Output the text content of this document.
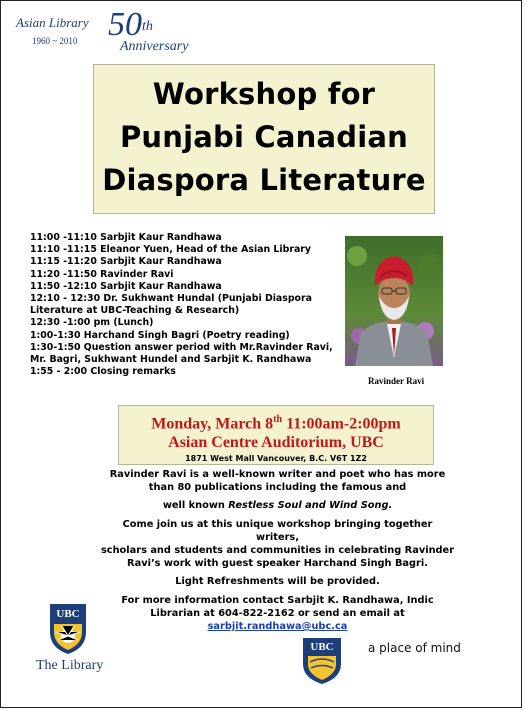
Asian Library
1960 ~ 2010 50th
Anniversary
Workshop for
Punjabi Canadian
Diaspora Literature
11:00 -11:10 Sarbjit Kaur Randhawa
11:10 -11:15 Eleanor Yuen, Head of the Asian Library
11:15 -11:20 Sarbjit Kaur Randhawa
11:20 -11:50 Ravinder Ravi
11:50 -12:10 Sarbjit Kaur Randhawa
12:10 - 12:30 Dr. Sukhwant Hundal (Punjabi Diaspora
Literature at UBC-Teaching & Research)
12:30 -1:00 pm (Lunch)
1:00-1:30 Harchand Singh Bagri (Poetry reading)
1:30-1:50 Question answer period with Mr.Ravinder Ravi,
Mr. Bagri, Sukhwant Hundel and Sarbjit K. Randhawa
1:55 - 2:00 Closing remarks
Ravinder Ravi
Monday, March 8th 11:00am-2:00pm
Asian Centre Auditorium, UBC
1871 West Mall Vancouver, B.C. V6T 1Z2

Ravinder Ravi is a well-known writer and poet who has more
than 80 publications including the famous and
well known Restless Soul and Wind Song.

Come join us at this unique workshop bringing together writers,
scholars and students and communities in celebrating Ravinder
Ravi’s work with guest speaker Harchand Singh Bagri.

Light Refreshments will be provided.

For more information contact Sarbjit K. Randhawa, Indic
Librarian at 604-822-2162 or send an email at
sarbjit.randhawa@ubc.ca

UBC
The Library
UBC	a place of mind
